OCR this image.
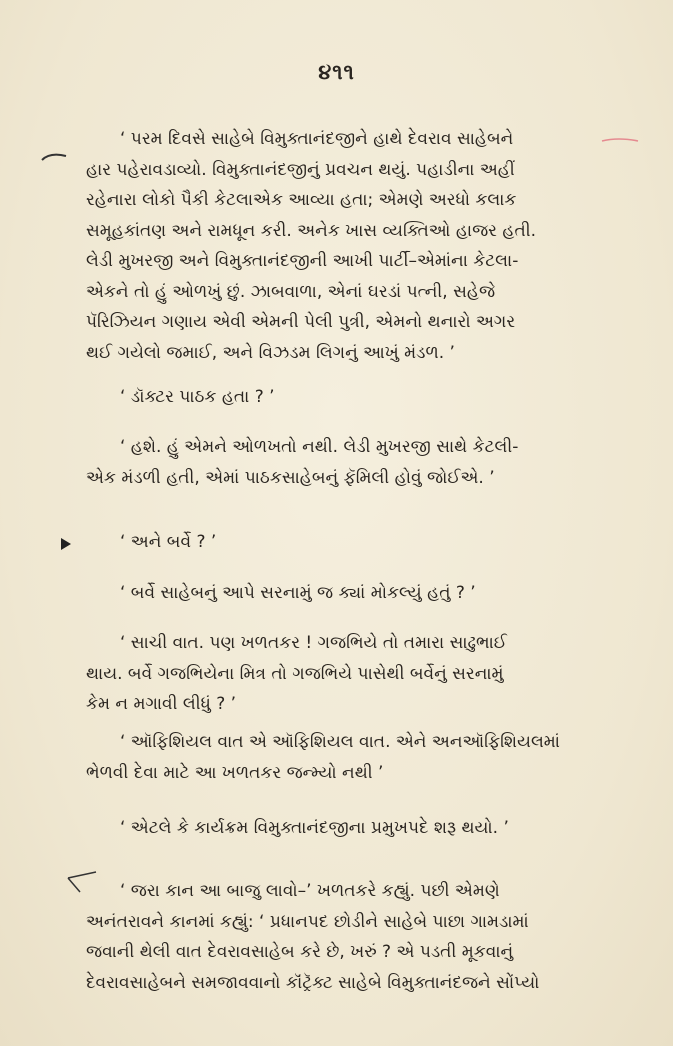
૪૧૧
‘ પરમ દિવસે સાહેબે વિમુક્તાનંદજીને હાથે દેવરાવ સાહેબને
હાર પહેરાવડાવ્યો. વિમુક્તાનંદજીનું પ્રવચન થયું. પહાડીના અહીં
રહેનારા લોકો પૈકી કેટલાએક આવ્યા હતા; એમણે અરધો કલાક
સમૂહકાંતણ અને રામધૂન કરી. અનેક ખાસ વ્યક્તિઓ હાજર હતી.
લેડી મુખરજી અને વિમુક્તાનંદજીની આખી પાર્ટી–એમાંના કેટલા-
એકને તો હું ઓળખું છું. ઝાબવાળા, એનાં ઘરડાં પત્ની, સહેજે
પૅરિઝિયન ગણાય એવી એમની પેલી પુત્રી, એમનો થનારો અગર
થઈ ગયેલો જમાઈ, અને વિઝડમ લિગનું આખું મંડળ. ’
‘ ડૉક્ટર પાઠક હતા ? ’
‘ હશે. હું એમને ઓળખતો નથી. લેડી મુખરજી સાથે કેટલી-
એક મંડળી હતી, એમાં પાઠકસાહેબનું ફૅમિલી હોવું જોઈએ. ’
‘ અને બર્વે ? ’
‘ બર્વે સાહેબનું આપે સરનામું જ ક્યાં મોકલ્યું હતું ? ’
‘ સાચી વાત. પણ ખળતકર ! ગજભિયે તો તમારા સાઢુભાઈ
થાય. બર્વે ગજભિયેના મિત્ર તો ગજભિયે પાસેથી બર્વેનું સરનામું
કેમ ન મગાવી લીધું ? ’
‘ ઑફિશિયલ વાત એ ઑફિશિયલ વાત. એને અનઑફિશિયલમાં
ભેળવી દેવા માટે આ ખળતકર જન્મ્યો નથી ’
‘ એટલે કે કાર્યક્રમ વિમુક્તાનંદજીના પ્રમુખપદે શરૂ થયો. ’
‘ જરા કાન આ બાજુ લાવો–’ ખળતકરે કહ્યું. પછી એમણે
અનંતરાવને કાનમાં કહ્યું: ‘ પ્રધાનપદ છોડીને સાહેબે પાછા ગામડામાં
જવાની થેલી વાત દેવરાવસાહેબ કરે છે, ખરું ? એ પડતી મૂકવાનું
દેવરાવસાહેબને સમજાવવાનો કૉંટ્રૅક્ટ સાહેબે વિમુક્તાનંદજને સોંપ્યો
